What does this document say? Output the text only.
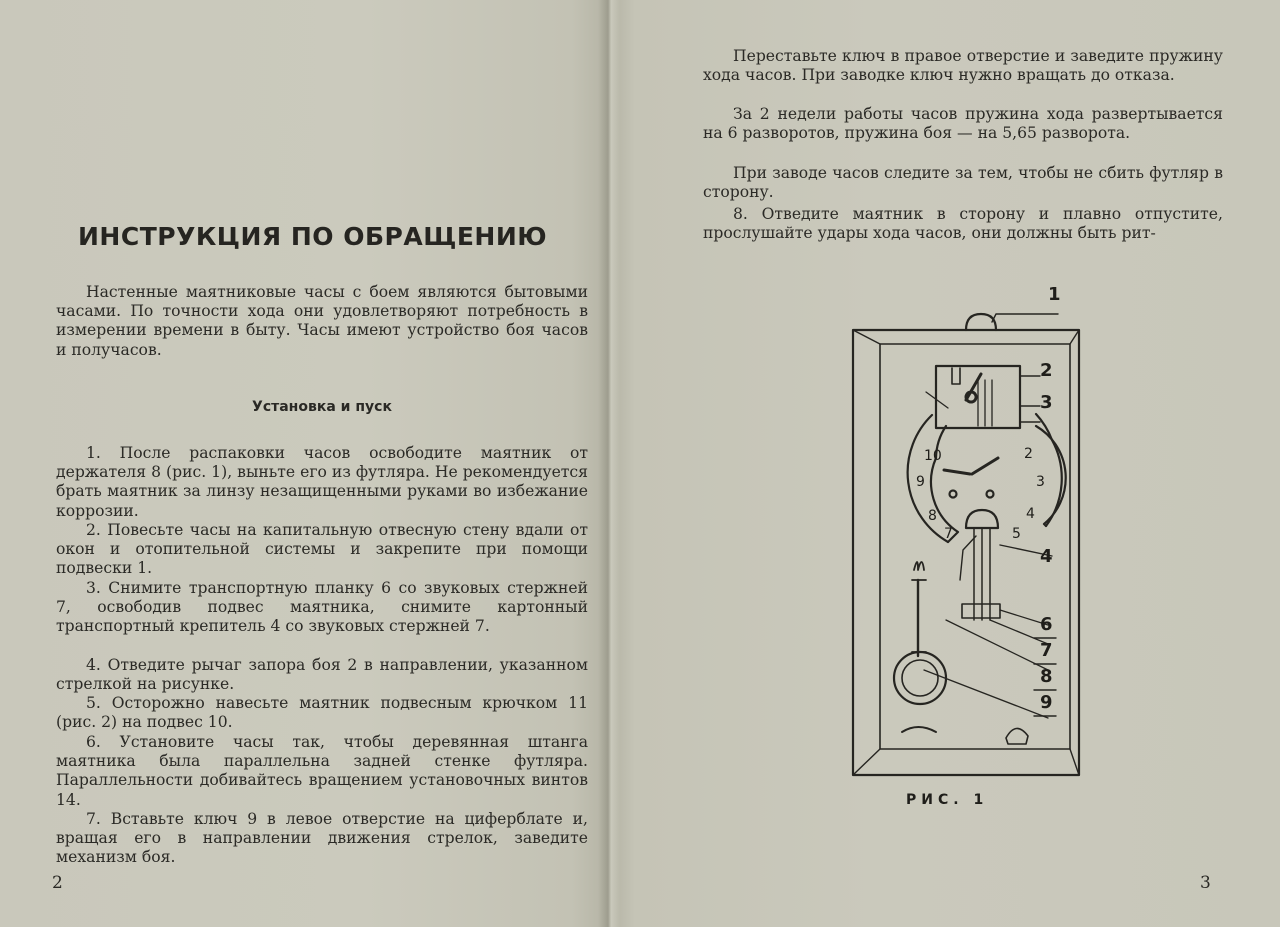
ИНСТРУКЦИЯ ПО ОБРАЩЕНИЮ

Настенные маятниковые часы с боем являются бытовыми часами. По точности хода они удовлетворяют потребность в измерении времени в быту. Часы имеют устройство боя часов и получасов.

Установка и пуск

1. После распаковки часов освободите маятник от держателя 8 (рис. 1), выньте его из футляра. Не рекомендуется брать маятник за линзу незащищенными руками во избежание коррозии.

2. Повесьте часы на капитальную отвесную стену вдали от окон и отопительной системы и закрепите при помощи подвески 1.

3. Снимите транспортную планку 6 со звуковых стержней 7, освободив подвес маятника, снимите картонный транспортный крепитель 4 со звуковых стержней 7.

4. Отведите рычаг запора боя 2 в направлении, указанном стрелкой на рисунке.

5. Осторожно навесьте маятник подвесным крючком 11 (рис. 2) на подвес 10.

6. Установите часы так, чтобы деревянная штанга маятника была параллельна задней стенке футляра. Параллельности добивайтесь вращением установочных винтов 14.

7. Вставьте ключ 9 в левое отверстие на циферблате и, вращая его в направлении движения стрелок, заведите механизм боя.

2

Переставьте ключ в правое отверстие и заведите пружину хода часов. При заводке ключ нужно вращать до отказа.

За 2 недели работы часов пружина хода развертывается на 6 разворотов, пружина боя — на 5,65 разворота.

При заводе часов следите за тем, чтобы не сбить футляр в сторону.

8. Отведите маятник в сторону и плавно отпустите, прослушайте удары хода часов, они должны быть рит-

1
2
3
4
6
7
8
9
10	2
9	3
8	4
7	5

РИС. 1

3
